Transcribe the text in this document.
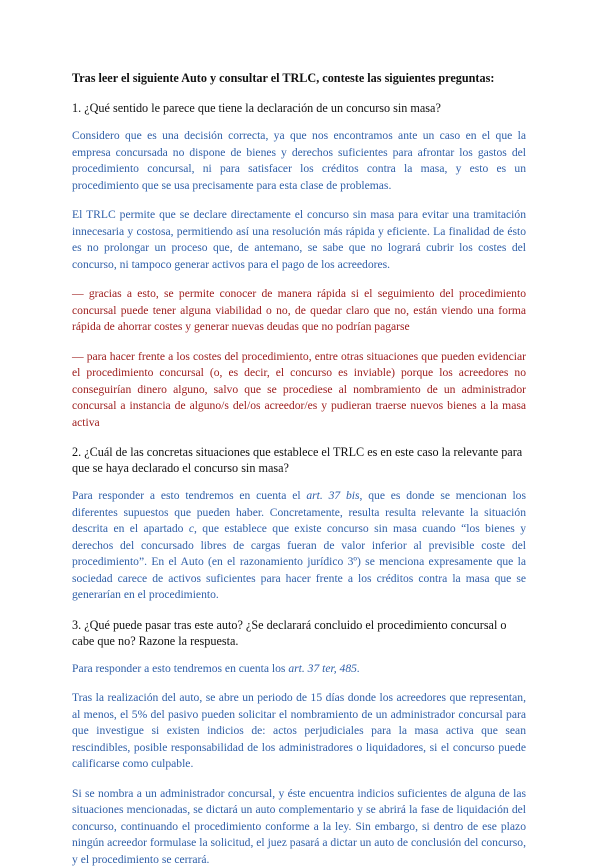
Tras leer el siguiente Auto y consultar el TRLC, conteste las siguientes preguntas:

1. ¿Qué sentido le parece que tiene la declaración de un concurso sin masa?

Considero que es una decisión correcta, ya que nos encontramos ante un caso en el que la empresa concursada no dispone de bienes y derechos suficientes para afrontar los gastos del procedimiento concursal, ni para satisfacer los créditos contra la masa, y esto es un procedimiento que se usa precisamente para esta clase de problemas.

El TRLC permite que se declare directamente el concurso sin masa para evitar una tramitación innecesaria y costosa, permitiendo así una resolución más rápida y eficiente. La finalidad de ésto es no prolongar un proceso que, de antemano, se sabe que no logrará cubrir los costes del concurso, ni tampoco generar activos para el pago de los acreedores.

— gracias a esto, se permite conocer de manera rápida si el seguimiento del procedimiento concursal puede tener alguna viabilidad o no, de quedar claro que no, están viendo una forma rápida de ahorrar costes y generar nuevas deudas que no podrían pagarse

— para hacer frente a los costes del procedimiento, entre otras situaciones que pueden evidenciar el procedimiento concursal (o, es decir, el concurso es inviable) porque los acreedores no conseguirían dinero alguno, salvo que se procediese al nombramiento de un administrador concursal a instancia de alguno/s del/os acreedor/es y pudieran traerse nuevos bienes a la masa activa

2. ¿Cuál de las concretas situaciones que establece el TRLC es en este caso la relevante para que se haya declarado el concurso sin masa?

Para responder a esto tendremos en cuenta el art. 37 bis, que es donde se mencionan los diferentes supuestos que pueden haber. Concretamente, resulta resulta relevante la situación descrita en el apartado c, que establece que existe concurso sin masa cuando “los bienes y derechos del concursado libres de cargas fueran de valor inferior al previsible coste del procedimiento”. En el Auto (en el razonamiento jurídico 3º) se menciona expresamente que la sociedad carece de activos suficientes para hacer frente a los créditos contra la masa que se generarían en el procedimiento.

3. ¿Qué puede pasar tras este auto? ¿Se declarará concluido el procedimiento concursal o cabe que no? Razone la respuesta.

Para responder a esto tendremos en cuenta los art. 37 ter, 485.

Tras la realización del auto, se abre un periodo de 15 días donde los acreedores que representan, al menos, el 5% del pasivo pueden solicitar el nombramiento de un administrador concursal para que investigue si existen indicios de: actos perjudiciales para la masa activa que sean rescindibles, posible responsabilidad de los administradores o liquidadores, si el concurso puede calificarse como culpable.

Si se nombra a un administrador concursal, y éste encuentra indicios suficientes de alguna de las situaciones mencionadas, se dictará un auto complementario y se abrirá la fase de liquidación del concurso, continuando el procedimiento conforme a la ley. Sin embargo, si dentro de ese plazo ningún acreedor formulase la solicitud, el juez pasará a dictar un auto de conclusión del concurso, y el procedimiento se cerrará.
